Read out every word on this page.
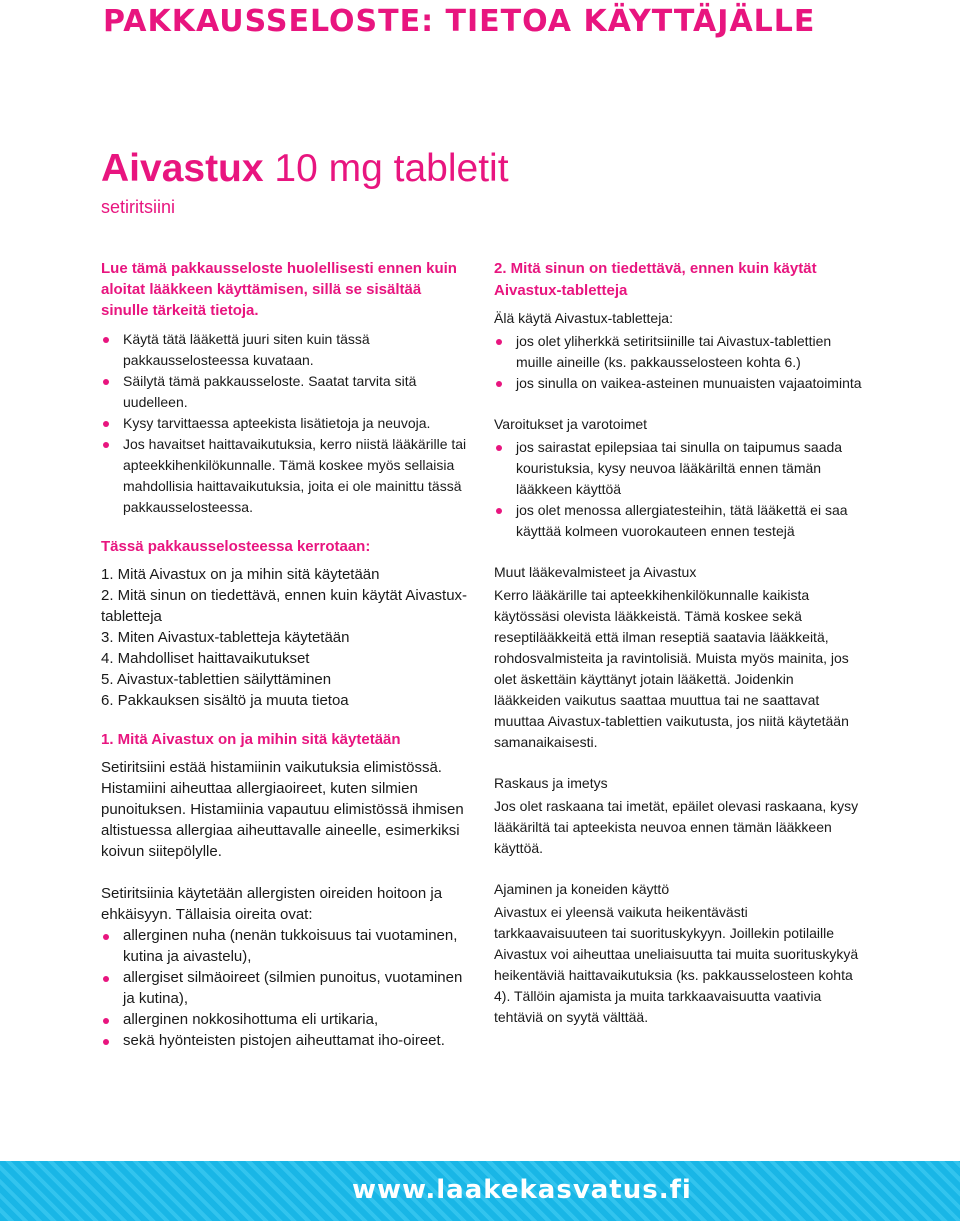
PAKKAUSSELOSTE: TIETOA KÄYTTÄJÄLLE
Aivastux 10 mg tabletit
setiritsiini

Lue tämä pakkausseloste huolellisesti ennen kuin aloitat lääkkeen käyttämisen, sillä se sisältää sinulle tärkeitä tietoja.

Käytä tätä lääkettä juuri siten kuin tässä pakkausselosteessa kuvataan.
Säilytä tämä pakkausseloste. Saatat tarvita sitä uudelleen.
Kysy tarvittaessa apteekista lisätietoja ja neuvoja.
Jos havaitset haittavaikutuksia, kerro niistä lääkärille tai apteekkihenkilökunnalle. Tämä koskee myös sellaisia mahdollisia haittavaikutuksia, joita ei ole mainittu tässä pakkausselosteessa.

Tässä pakkausselosteessa kerrotaan:

1. Mitä Aivastux on ja mihin sitä käytetään
2. Mitä sinun on tiedettävä, ennen kuin käytät Aivastux-tabletteja
3. Miten Aivastux-tabletteja käytetään
4. Mahdolliset haittavaikutukset
5. Aivastux-tablettien säilyttäminen
6. Pakkauksen sisältö ja muuta tietoa

1. Mitä Aivastux on ja mihin sitä käytetään

Setiritsiini estää histamiinin vaikutuksia elimistössä. Histamiini aiheuttaa allergiaoireet, kuten silmien punoituksen. Histamiinia vapautuu elimistössä ihmisen altistuessa allergiaa aiheuttavalle aineelle, esimerkiksi koivun siitepölylle.

Setiritsiinia käytetään allergisten oireiden hoitoon ja ehkäisyyn. Tällaisia oireita ovat:

allerginen nuha (nenän tukkoisuus tai vuotaminen, kutina ja aivastelu),
allergiset silmäoireet (silmien punoitus, vuotaminen ja kutina),
allerginen nokkosihottuma eli urtikaria,
sekä hyönteisten pistojen aiheuttamat iho-oireet.

2. Mitä sinun on tiedettävä, ennen kuin käytät Aivastux-tabletteja

Älä käytä Aivastux-tabletteja:

jos olet yliherkkä setiritsiinille tai Aivastux-tablettien muille aineille (ks. pakkausselosteen kohta 6.)
jos sinulla on vaikea-asteinen munuaisten vajaatoiminta

Varoitukset ja varotoimet

jos sairastat epilepsiaa tai sinulla on taipumus saada kouristuksia, kysy neuvoa lääkäriltä ennen tämän lääkkeen käyttöä
jos olet menossa allergiatesteihin, tätä lääkettä ei saa käyttää kolmeen vuorokauteen ennen testejä

Muut lääkevalmisteet ja Aivastux

Kerro lääkärille tai apteekkihenkilökunnalle kaikista käytössäsi olevista lääkkeistä. Tämä koskee sekä reseptilääkkeitä että ilman reseptiä saatavia lääkkeitä, rohdosvalmisteita ja ravintolisiä. Muista myös mainita, jos olet äskettäin käyttänyt jotain lääkettä. Joidenkin lääkkeiden vaikutus saattaa muuttua tai ne saattavat muuttaa Aivastux-tablettien vaikutusta, jos niitä käytetään samanaikaisesti.

Raskaus ja imetys

Jos olet raskaana tai imetät, epäilet olevasi raskaana, kysy lääkäriltä tai apteekista neuvoa ennen tämän lääkkeen käyttöä.

Ajaminen ja koneiden käyttö

Aivastux ei yleensä vaikuta heikentävästi tarkkaavaisuuteen tai suorituskykyyn. Joillekin potilaille Aivastux voi aiheuttaa uneliaisuutta tai muita suorituskykyä heikentäviä haittavaikutuksia (ks. pakkausselosteen kohta 4). Tällöin ajamista ja muita tarkkaavaisuutta vaativia tehtäviä on syytä välttää.

www.laakekasvatus.fi
